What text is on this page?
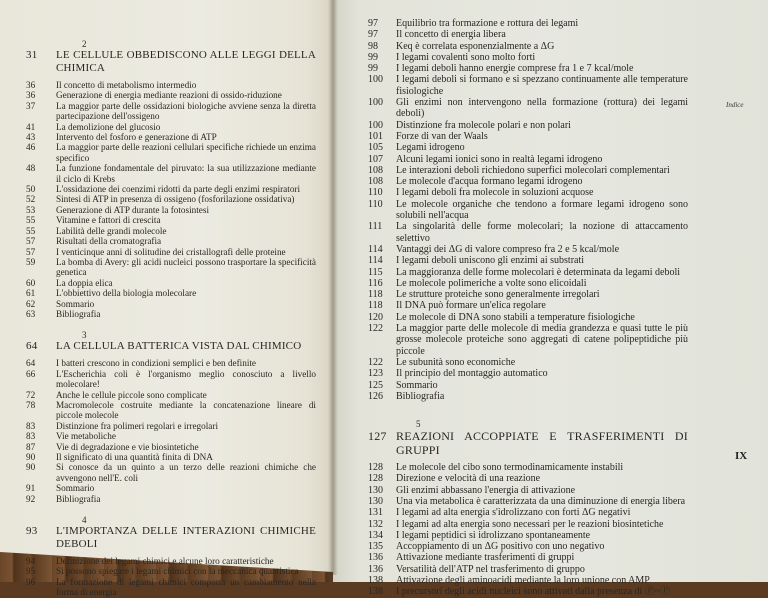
2
31	LE CELLULE OBBEDISCONO ALLE LEGGI DELLA CHIMICA
36	Il concetto di metabolismo intermedio
36	Generazione di energia mediante reazioni di ossido-riduzione
37	La maggior parte delle ossidazioni biologiche avviene senza la diretta partecipazione dell'ossigeno
41	La demolizione del glucosio
43	Intervento del fosforo e generazione di ATP
46	La maggior parte delle reazioni cellulari specifiche richiede un enzima specifico
48	La funzione fondamentale del piruvato: la sua utilizzazione mediante il ciclo di Krebs
50	L'ossidazione dei coenzimi ridotti da parte degli enzimi respiratori
52	Sintesi di ATP in presenza di ossigeno (fosforilazione ossidativa)
53	Generazione di ATP durante la fotosintesi
55	Vitamine e fattori di crescita
55	Labilità delle grandi molecole
57	Risultati della cromatografia
57	I venticinque anni di solitudine dei cristallografi delle proteine
59	La bomba di Avery: gli acidi nucleici possono trasportare la specificità genetica
60	La doppia elica
61	L'obbiettivo della biologia molecolare
62	Sommario
63	Bibliografia
3
64	LA CELLULA BATTERICA VISTA DAL CHIMICO
64	I batteri crescono in condizioni semplici e ben definite
66	L'Escherichia coli è l'organismo meglio conosciuto a livello molecolare!
72	Anche le cellule piccole sono complicate
78	Macromolecole costruite mediante la concatenazione lineare di piccole molecole
83	Distinzione fra polimeri regolari e irregolari
83	Vie metaboliche
87	Vie di degradazione e vie biosintetiche
90	Il significato di una quantità finita di DNA
90	Si conosce da un quinto a un terzo delle reazioni chimiche che avvengono nell'E. coli
91	Sommario
92	Bibliografia
4
93	L'IMPORTANZA DELLE INTERAZIONI CHIMICHE DEBOLI
94	Definizione dei legami chimici e alcune loro caratteristiche
95	Si possono spiegare i legami chimici con la meccanica quantistica
96	La formazione di legami chimici comporta un cambiamento nella forma di energia
Indice
IX
97	Equilibrio tra formazione e rottura dei legami
97	Il concetto di energia libera
98	Keq è correlata esponenzialmente a ΔG
99	I legami covalenti sono molto forti
99	I legami deboli hanno energie comprese fra 1 e 7 kcal/mole
100	I legami deboli si formano e si spezzano continuamente alle temperature fisiologiche
100	Gli enzimi non intervengono nella formazione (rottura) dei legami deboli)
100	Distinzione fra molecole polari e non polari
101	Forze di van der Waals
105	Legami idrogeno
107	Alcuni legami ionici sono in realtà legami idrogeno
108	Le interazioni deboli richiedono superfici molecolari complementari
108	Le molecole d'acqua formano legami idrogeno
110	I legami deboli fra molecole in soluzioni acquose
110	Le molecole organiche che tendono a formare legami idrogeno sono solubili nell'acqua
111	La singolarità delle forme molecolari; la nozione di attaccamento selettivo
114	Vantaggi dei ΔG di valore compreso fra 2 e 5 kcal/mole
114	I legami deboli uniscono gli enzimi ai substrati
115	La maggioranza delle forme molecolari è determinata da legami deboli
116	Le molecole polimeriche a volte sono elicoidali
118	Le strutture proteiche sono generalmente irregolari
118	Il DNA può formare un'elica regolare
120	Le molecole di DNA sono stabili a temperature fisiologiche
122	La maggior parte delle molecole di media grandezza e quasi tutte le più grosse molecole proteiche sono aggregati di catene polipeptidiche più piccole
122	Le subunità sono economiche
123	Il principio del montaggio automatico
125	Sommario
126	Bibliografia
5
127 REAZIONI ACCOPPIATE E TRASFERIMENTI DI GRUPPI
128	Le molecole del cibo sono termodinamicamente instabili
128	Direzione e velocità di una reazione
130	Gli enzimi abbassano l'energia di attivazione
130	Una via metabolica è caratterizzata da una diminuzione di energia libera
131	I legami ad alta energia s'idrolizzano con forti ΔG negativi
132	I legami ad alta energia sono necessari per le reazioni biosintetiche
134	I legami peptidici si idrolizzano spontaneamente
135	Accoppiamento di un ΔG positivo con uno negativo
136	Attivazione mediante trasferimenti di gruppi
136	Versatilità dell'ATP nel trasferimento di gruppo
138	Attivazione degli aminoacidi mediante la loro unione con AMP
138	I precursori degli acidi nucleici sono attivati dalla presenza di Ⓟ~Ⓟ
